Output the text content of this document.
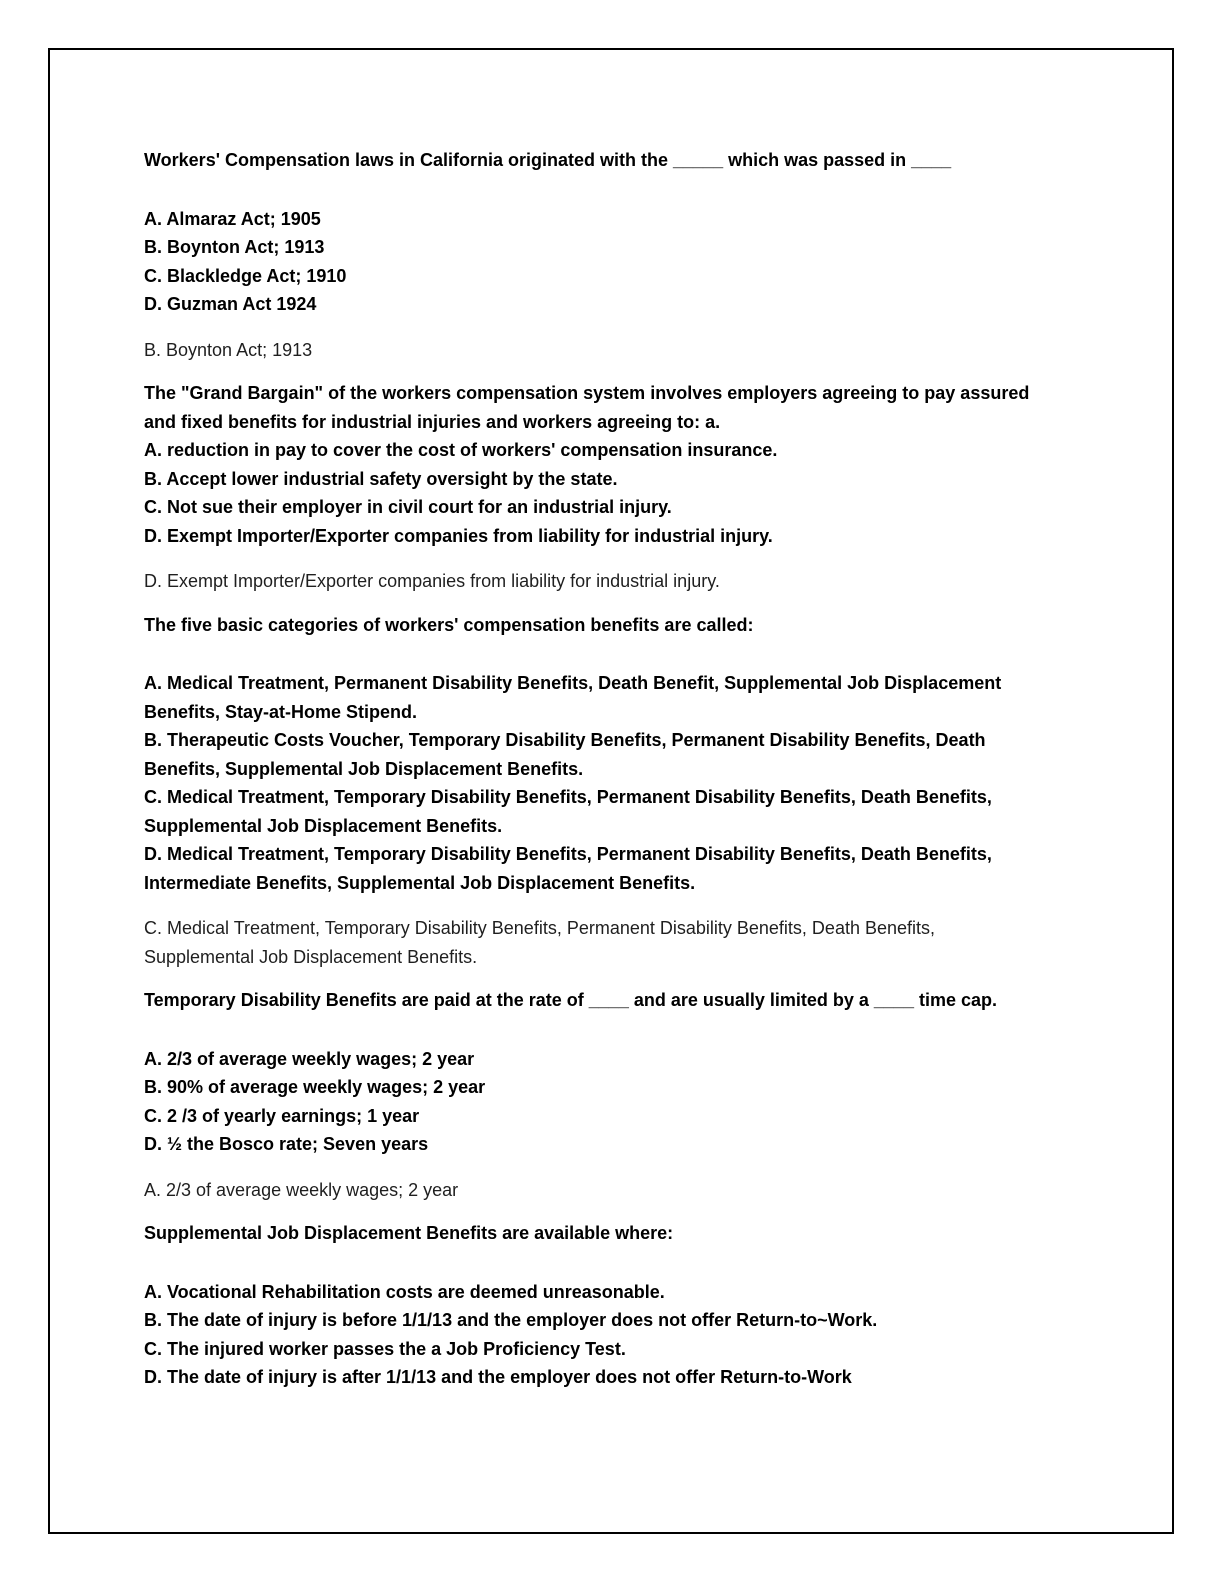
Workers' Compensation laws in California originated with the _____ which was passed in ____
A. Almaraz Act; 1905
B. Boynton Act; 1913
C. Blackledge Act; 1910
D. Guzman Act 1924
B. Boynton Act; 1913
The "Grand Bargain" of the workers compensation system involves employers agreeing to pay assured
and fixed benefits for industrial injuries and workers agreeing to: a.
A. reduction in pay to cover the cost of workers' compensation insurance.
B. Accept lower industrial safety oversight by the state.
C. Not sue their employer in civil court for an industrial injury.
D. Exempt Importer/Exporter companies from liability for industrial injury.
D. Exempt Importer/Exporter companies from liability for industrial injury.
The five basic categories of workers' compensation benefits are called:
A. Medical Treatment, Permanent Disability Benefits, Death Benefit, Supplemental Job Displacement
Benefits, Stay-at-Home Stipend.
B. Therapeutic Costs Voucher, Temporary Disability Benefits, Permanent Disability Benefits, Death
Benefits, Supplemental Job Displacement Benefits.
C. Medical Treatment, Temporary Disability Benefits, Permanent Disability Benefits, Death Benefits,
Supplemental Job Displacement Benefits.
D. Medical Treatment, Temporary Disability Benefits, Permanent Disability Benefits, Death Benefits,
Intermediate Benefits, Supplemental Job Displacement Benefits.
C. Medical Treatment, Temporary Disability Benefits, Permanent Disability Benefits, Death Benefits,
Supplemental Job Displacement Benefits.
Temporary Disability Benefits are paid at the rate of ____ and are usually limited by a ____ time cap.
A. 2/3 of average weekly wages; 2 year
B. 90% of average weekly wages; 2 year
C. 2 /3 of yearly earnings; 1 year
D. ½ the Bosco rate; Seven years
A. 2/3 of average weekly wages; 2 year
Supplemental Job Displacement Benefits are available where:
A. Vocational Rehabilitation costs are deemed unreasonable.
B. The date of injury is before 1/1/13 and the employer does not offer Return-to~Work.
C. The injured worker passes the a Job Proficiency Test.
D. The date of injury is after 1/1/13 and the employer does not offer Return-to-Work
